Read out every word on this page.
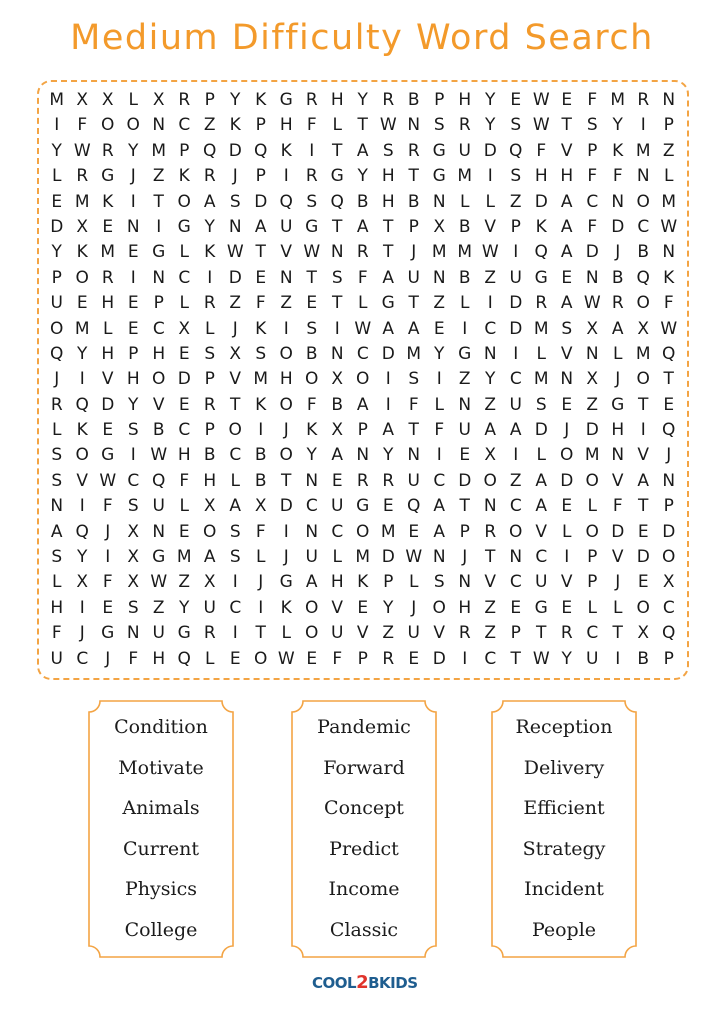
Medium Difficulty Word Search
M X X L X R P Y K G R H Y R B P H Y E W E F M R N
I	F O O N C Z K P H F L T W N S R Y S W T S Y	I	P
Y W R Y M P Q D Q K	I	T A S R G U D Q F V P K M Z
L R G J	Z K R	J	P	I	R G Y H T G M I	S H H F F N L
E M K	I	T O A S D Q S Q B H B N L L Z D A C N O M
D X E N I G Y N A U G T A T P X B V P K A F D C W
Y K M E G L K W T V W N R T	J M M W I Q A D J	B N
P O R	I N C	I D E N T S F A U N B Z U G E N B Q K
U E H E P L R Z F Z E T L G T Z L	I D R A W R O F
O M L E C X L	J	K	I	S	I W A A E	I	C D M S X A X W
Q Y H P H E S X S O B N C D M Y G N I	L V N L M Q
J	I	V H O D P V M H O X O I	S	I	Z Y C M N X	J O T
R Q D Y V E R T K O F B A	I	F L N Z U S E Z G T E
L K E S B C P O I	J	K X P A T F U A A D J D H I Q
S O G I W H B C B O Y A N Y N I	E X	I	L O M N V	J
S V W C Q F H L B T N E R R U C D O Z A D O V A N
N I	F S U L X A X D C U G E Q A T N C A E L F T P
A Q J	X N E O S F	I N C O M E A P R O V L O D E D
S Y	I	X G M A S L	J U L M D W N J	T N C	I	P V D O
L X F X W Z X	I	J G A H K P L S N V C U V P	J	E X
H I	E S Z Y U C	I	K O V E Y	J O H Z E G E L L O C
F	J G N U G R	I	T L O U V Z U V R Z P T R C T X Q
U C	J	F H Q L E O W E F P R E D I	C T W Y U I	B P
Condition
Motivate
Animals
Current
Physics
College
Pandemic
Forward
Concept
Predict
Income
Classic
Reception
Delivery
Efficient
Strategy
Incident
People
COOL2BKIDS
